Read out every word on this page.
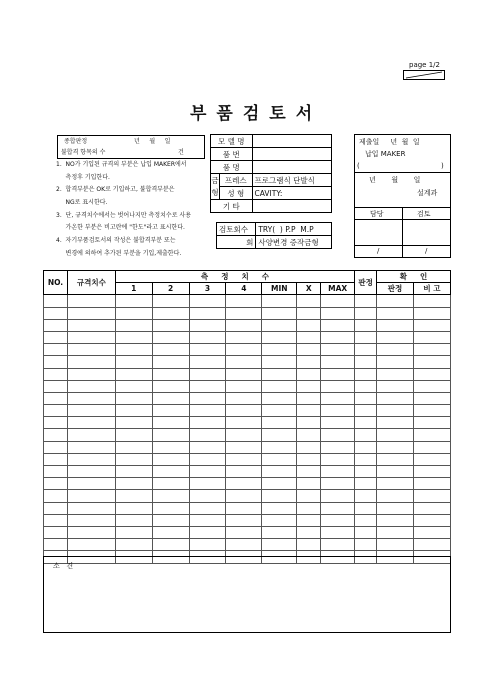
page 1/2
부품검토서
종합판정	년     월     일
불합격 항목의 수	건
1.  NO가 기입된 규격의 부분은 납입 MAKER에서
측정후 기입한다.
2.  합격부분은 OK로 기입하고, 불합격부분은
NG로 표시한다.
3.  단, 규격치수에서는 벗어나지만 측정치수로 사용
가온한 부분은 비고란에 "한도"라고 표시한다.
4.  자기부품검토서의 작성은 불합격부분 또는
변경에 의하여 추가된 부분을 기입,제출한다.
모 델 명		
품 번		
품 명		
금형	프레스	프로그램식 단발식
	성 형	CAVITY:
기 타		
검토회수	TRY(  ) P.P  M.P
회	사양변경 증작금형
제출일     년  월  일
납입 MAKER
(	)
년       월       일
설계과
담당	검토
/	/
NO.	규격치수	측     정     치     수							판정	확     인	
		1	2	3	4	MIN	X	MAX		판정	비 고

소   견
